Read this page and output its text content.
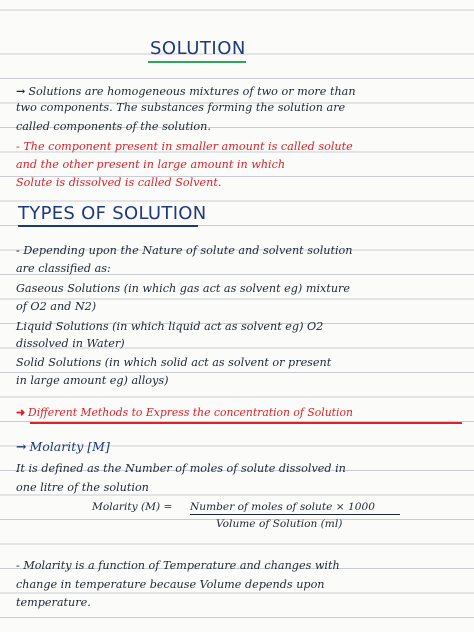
SOLUTION
→ Solutions are homogeneous mixtures of two or more than
two components. The substances forming the solution are
called components of the solution.
- The component present in smaller amount is called solute
and the other present in large amount in which
Solute is dissolved is called Solvent.
TYPES OF SOLUTION
- Depending upon the Nature of solute and solvent solution
are classified as:
Gaseous Solutions (in which gas act as solvent eg) mixture
of O2 and N2)
Liquid Solutions (in which liquid act as solvent eg) O2
dissolved in Water)
Solid Solutions (in which solid act as solvent or present
in large amount eg) alloys)
➜ Different Methods to Express the concentration of Solution
→ Molarity [M]
It is defined as the Number of moles of solute dissolved in
one litre of the solution
Molarity (M) = Number of moles of solute × 1000
Volume of Solution (ml)
- Molarity is a function of Temperature and changes with
change in temperature because Volume depends upon
temperature.
